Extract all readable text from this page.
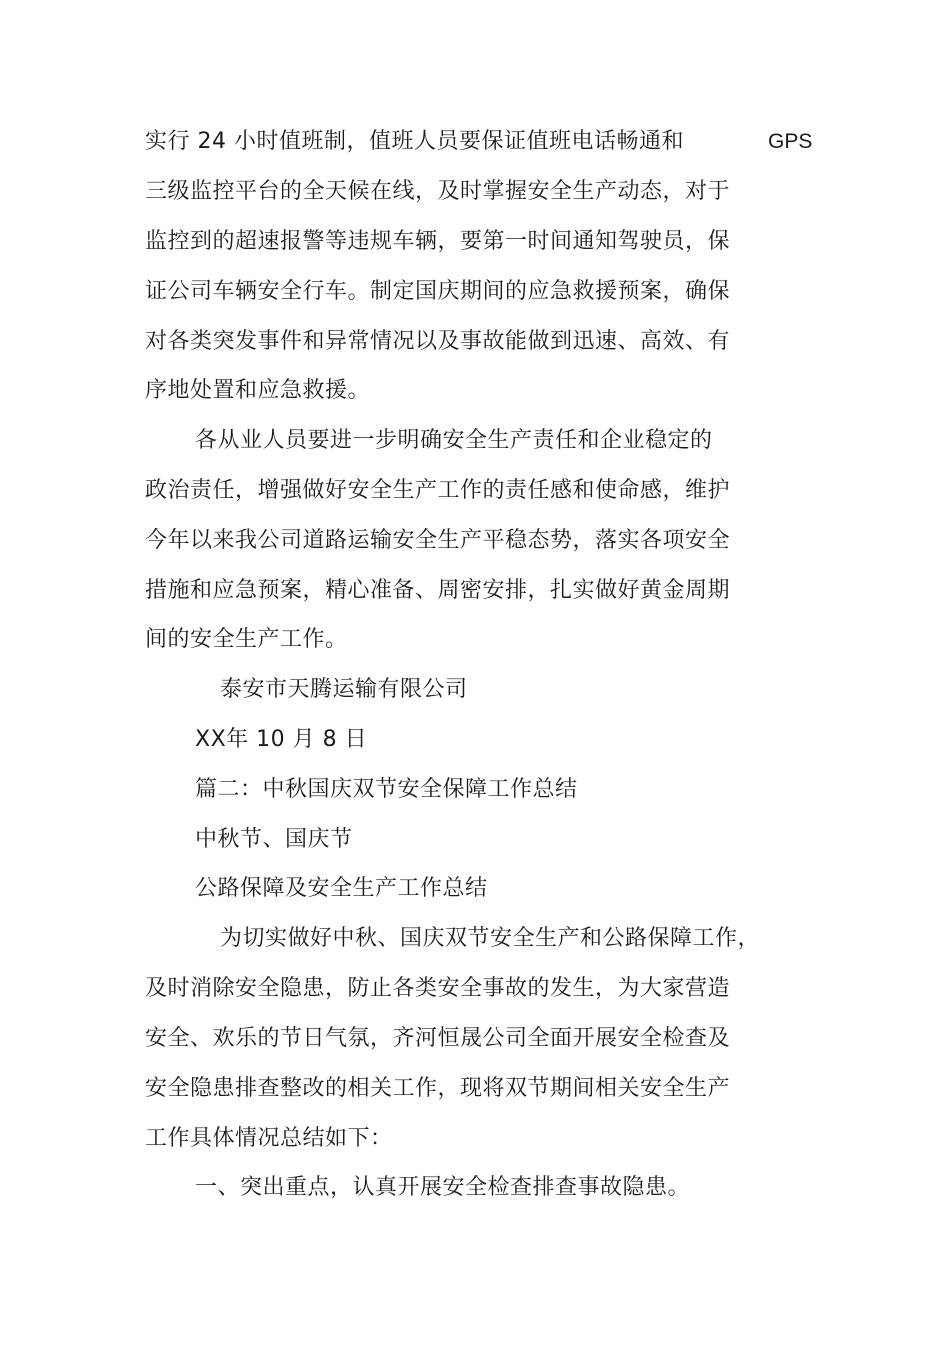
实行 24 小时值班制，值班人员要保证值班电话畅通和	GPS
三级监控平台的全天候在线，及时掌握安全生产动态，对于
监控到的超速报警等违规车辆，要第一时间通知驾驶员，保
证公司车辆安全行车。制定国庆期间的应急救援预案，确保
对各类突发事件和异常情况以及事故能做到迅速、高效、有
序地处置和应急救援。
各从业人员要进一步明确安全生产责任和企业稳定的
政治责任，增强做好安全生产工作的责任感和使命感，维护
今年以来我公司道路运输安全生产平稳态势，落实各项安全
措施和应急预案，精心准备、周密安排，扎实做好黄金周期
间的安全生产工作。
泰安市天腾运输有限公司
XX年 10 月 8 日
篇二：中秋国庆双节安全保障工作总结
中秋节、国庆节
公路保障及安全生产工作总结
为切实做好中秋、国庆双节安全生产和公路保障工作，
及时消除安全隐患，防止各类安全事故的发生，为大家营造
安全、欢乐的节日气氛，齐河恒晟公司全面开展安全检查及
安全隐患排查整改的相关工作，现将双节期间相关安全生产
工作具体情况总结如下：
一、突出重点，认真开展安全检查排查事故隐患。
